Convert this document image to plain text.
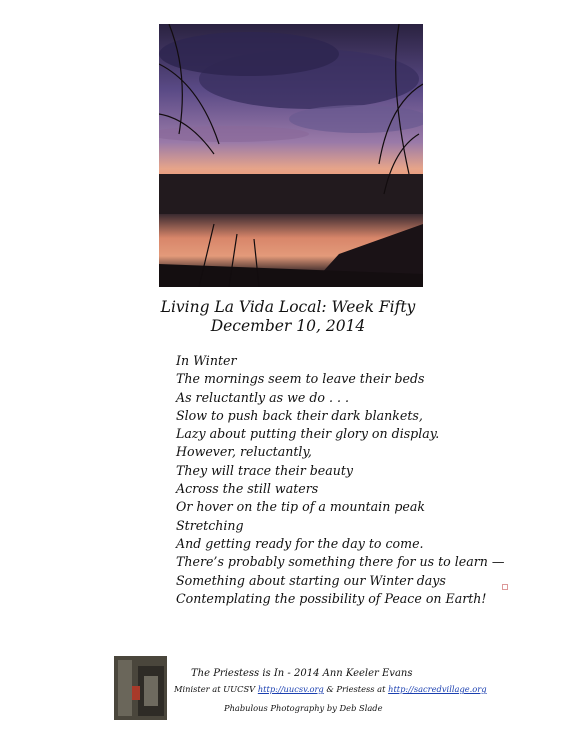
Living La Vida Local: Week Fifty
December 10, 2014
In Winter
The mornings seem to leave their beds
As reluctantly as we do . . .
Slow to push back their dark blankets,
Lazy about putting their glory on display.
However, reluctantly,
They will trace their beauty
Across the still waters
Or hover on the tip of a mountain peak
Stretching
And getting ready for the day to come.
There’s probably something there for us to learn —
Something about starting our Winter days
Contemplating the possibility of Peace on Earth!
The Priestess is In - 2014 Ann Keeler Evans
Minister at UUCSV http://uucsv.org & Priestess at http://sacredvillage.org
Phabulous Photography by Deb Slade
